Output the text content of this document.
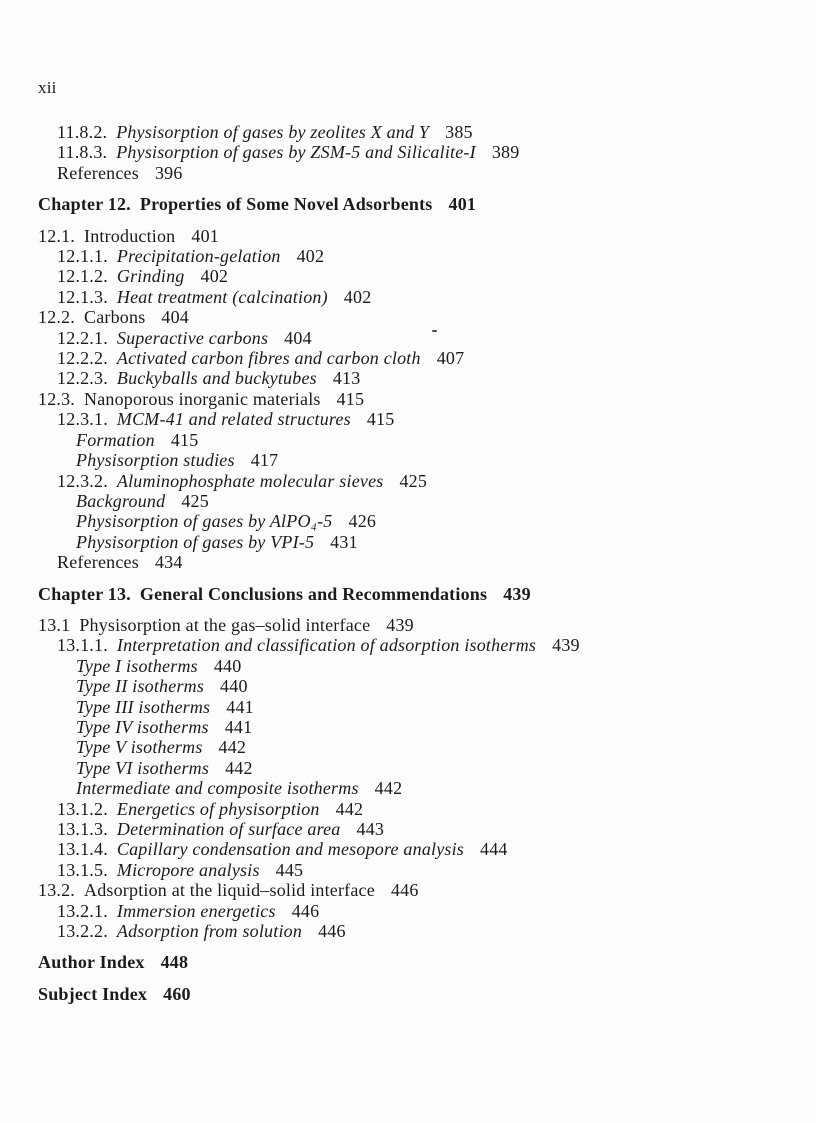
xii
11.8.2. Physisorption of gases by zeolites X and Y 385
11.8.3. Physisorption of gases by ZSM-5 and Silicalite-I 389
References 396
Chapter 12. Properties of Some Novel Adsorbents 401
12.1. Introduction 401
12.1.1. Precipitation-gelation 402
12.1.2. Grinding 402
12.1.3. Heat treatment (calcination) 402
12.2. Carbons 404
12.2.1. Superactive carbons 404
12.2.2. Activated carbon fibres and carbon cloth 407
12.2.3. Buckyballs and buckytubes 413
12.3. Nanoporous inorganic materials 415
12.3.1. MCM-41 and related structures 415
Formation 415
Physisorption studies 417
12.3.2. Aluminophosphate molecular sieves 425
Background 425
Physisorption of gases by AlPO₄-5 426
Physisorption of gases by VPI-5 431
References 434
Chapter 13. General Conclusions and Recommendations 439
13.1 Physisorption at the gas–solid interface 439
13.1.1. Interpretation and classification of adsorption isotherms 439
Type I isotherms 440
Type II isotherms 440
Type III isotherms 441
Type IV isotherms 441
Type V isotherms 442
Type VI isotherms 442
Intermediate and composite isotherms 442
13.1.2. Energetics of physisorption 442
13.1.3. Determination of surface area 443
13.1.4. Capillary condensation and mesopore analysis 444
13.1.5. Micropore analysis 445
13.2. Adsorption at the liquid–solid interface 446
13.2.1. Immersion energetics 446
13.2.2. Adsorption from solution 446
Author Index 448
Subject Index 460
